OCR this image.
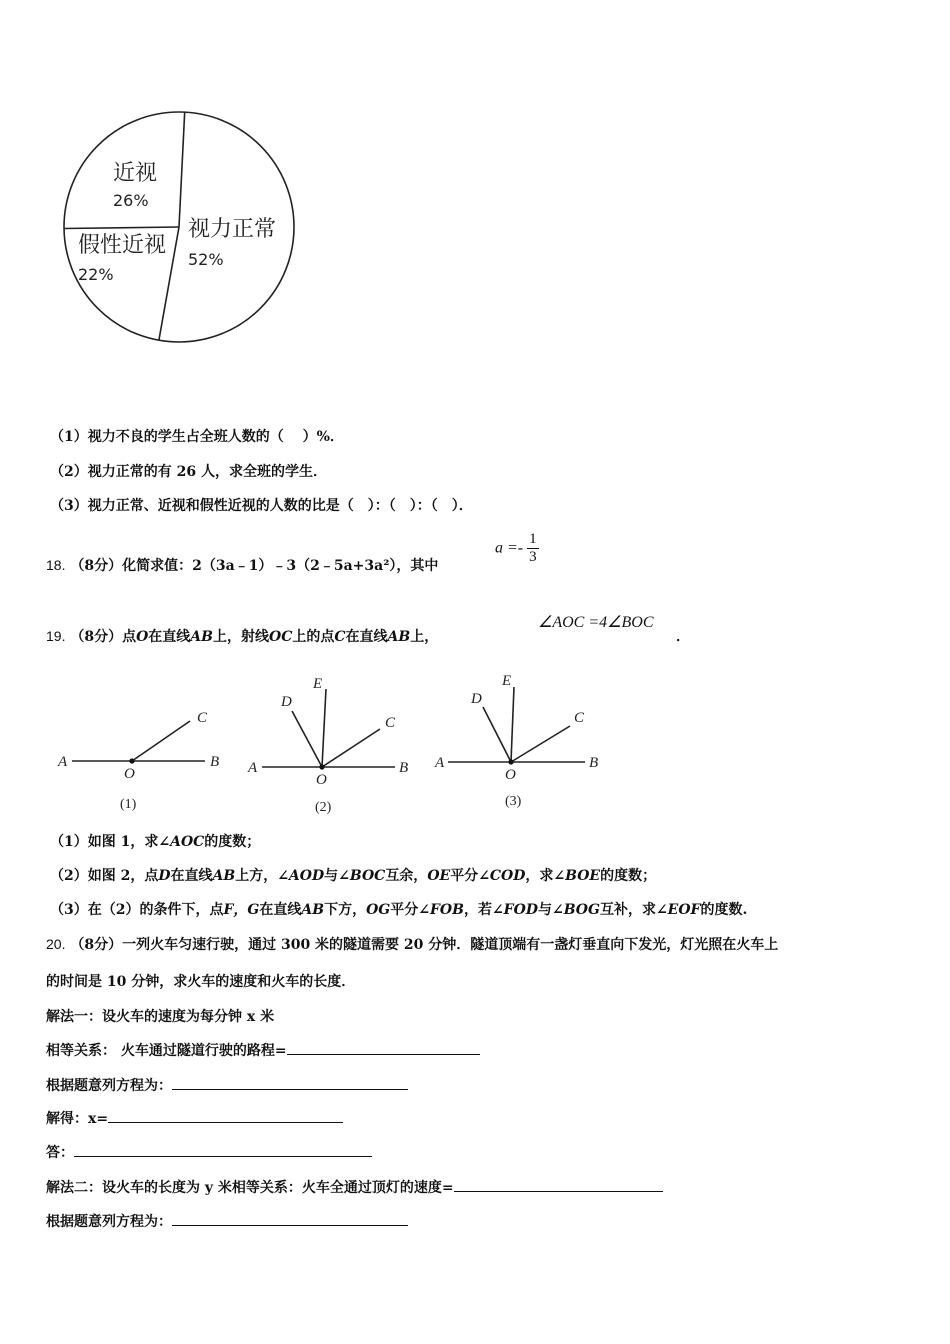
近视
26%
假性近视
22%
视力正常
52%
（1）视力不良的学生占全班人数的（　 ）%．
（2）视力正常的有 26 人，求全班的学生．
（3）视力正常、近视和假性近视的人数的比是（　）：（　）：（　）．
18. （8分）化简求值：2（3a﹣1）﹣3（2﹣5a+3a²），其中
$a =- \frac{1}{3}$
19. （8分）点O在直线AB上，射线OC上的点C在直线AB上，
∠AOC =4∠BOC
．
A
O
B
C
(1)
A
O
B
C
D
E
(2)
A
O
B
C
D
E
(3)
（1）如图 1，求∠AOC的度数；
（2）如图 2，点D在直线AB上方，∠AOD与∠BOC互余，OE平分∠COD，求∠BOE的度数；
（3）在（2）的条件下，点F，G在直线AB下方，OG平分∠FOB，若∠FOD与∠BOG互补，求∠EOF的度数.
20. （8分）一列火车匀速行驶，通过 300 米的隧道需要 20 分钟．隧道顶端有一盏灯垂直向下发光，灯光照在火车上
的时间是 10 分钟，求火车的速度和火车的长度．
解法一：设火车的速度为每分钟 x 米
相等关系： 火车通过隧道行驶的路程=
根据题意列方程为：
解得：x=
答：
解法二：设火车的长度为 y 米相等关系：火车全通过顶灯的速度=
根据题意列方程为：
